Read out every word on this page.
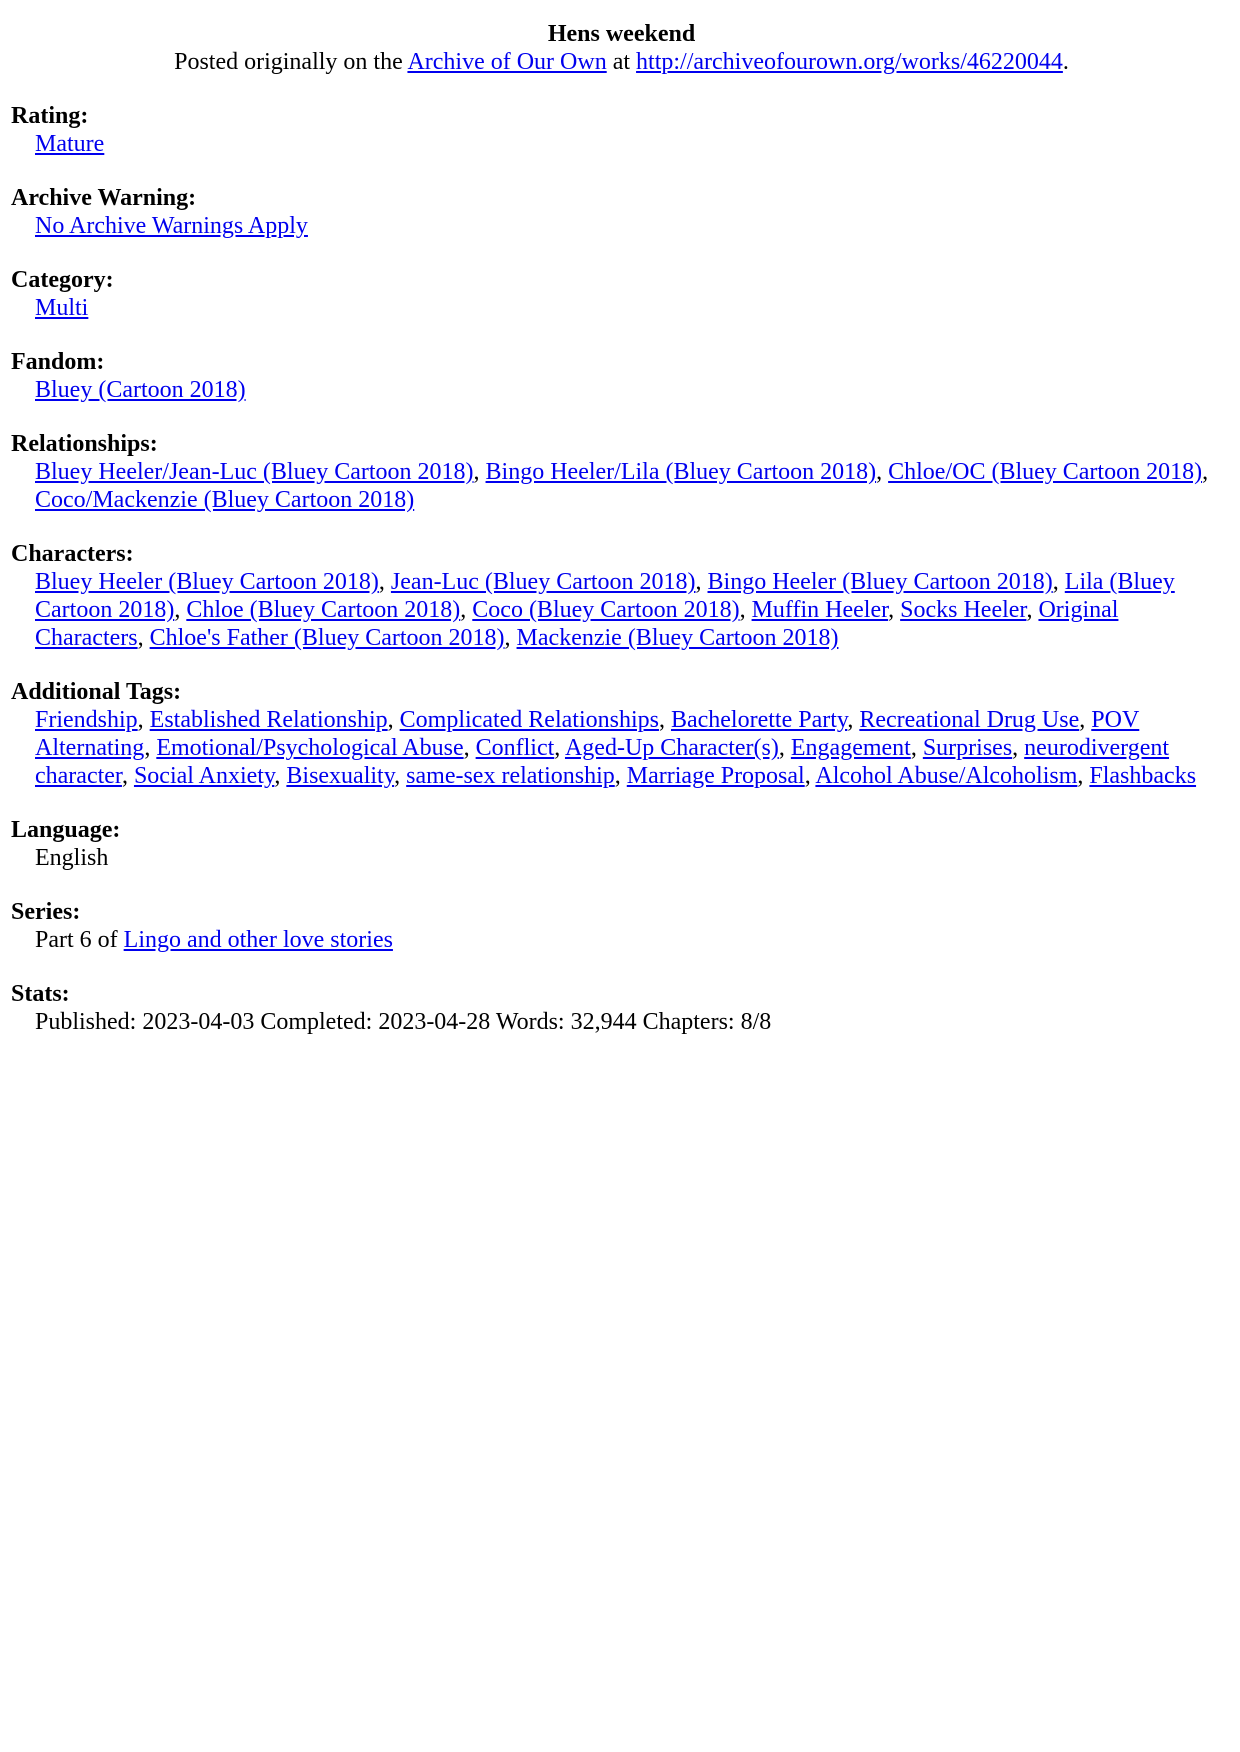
Hens weekend
Posted originally on the Archive of Our Own at http://archiveofourown.org/works/46220044.
Rating:
Mature
Archive Warning:
No Archive Warnings Apply
Category:
Multi
Fandom:
Bluey (Cartoon 2018)
Relationships:
Bluey Heeler/Jean-Luc (Bluey Cartoon 2018), Bingo Heeler/Lila (Bluey Cartoon 2018), Chloe/OC (Bluey Cartoon 2018), Coco/Mackenzie (Bluey Cartoon 2018)
Characters:
Bluey Heeler (Bluey Cartoon 2018), Jean-Luc (Bluey Cartoon 2018), Bingo Heeler (Bluey Cartoon 2018), Lila (Bluey Cartoon 2018), Chloe (Bluey Cartoon 2018), Coco (Bluey Cartoon 2018), Muffin Heeler, Socks Heeler, Original Characters, Chloe's Father (Bluey Cartoon 2018), Mackenzie (Bluey Cartoon 2018)
Additional Tags:
Friendship, Established Relationship, Complicated Relationships, Bachelorette Party, Recreational Drug Use, POV Alternating, Emotional/Psychological Abuse, Conflict, Aged-Up Character(s), Engagement, Surprises, neurodivergent character, Social Anxiety, Bisexuality, same-sex relationship, Marriage Proposal, Alcohol Abuse/Alcoholism, Flashbacks
Language:
English
Series:
Part 6 of Lingo and other love stories
Stats:
Published: 2023-04-03 Completed: 2023-04-28 Words: 32,944 Chapters: 8/8
